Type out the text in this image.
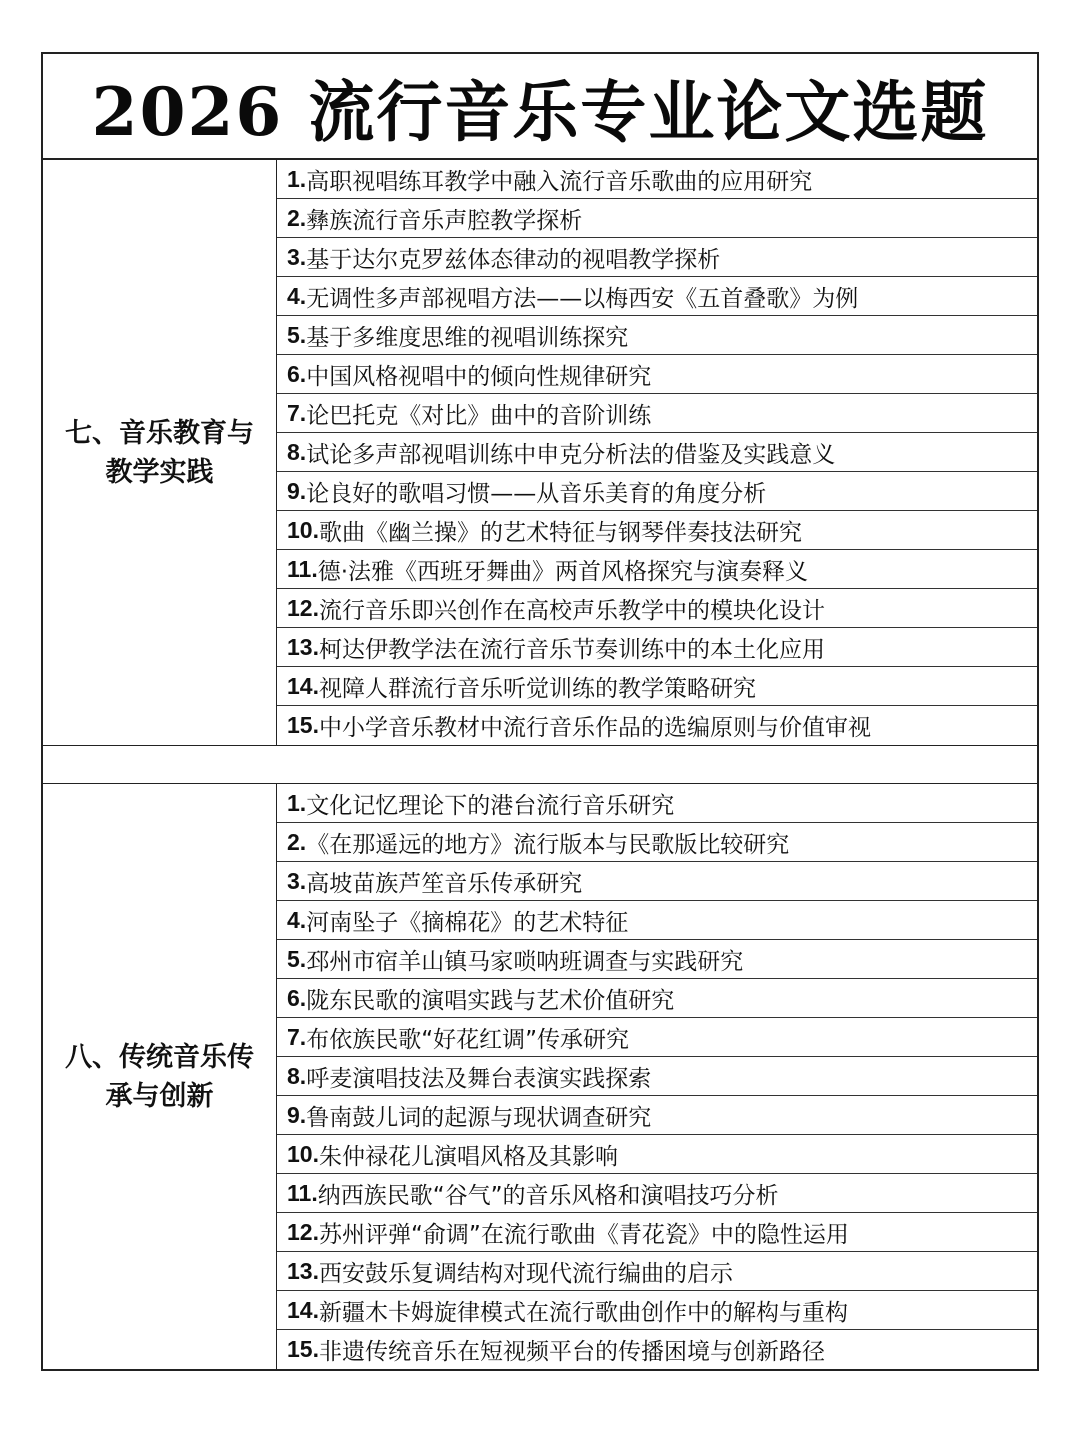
2026 流行音乐专业论文选题
七、音乐教育与
教学实践
1. 高职视唱练耳教学中融入流行音乐歌曲的应用研究
2. 彝族流行音乐声腔教学探析
3. 基于达尔克罗兹体态律动的视唱教学探析
4. 无调性多声部视唱方法——以梅西安《五首叠歌》为例
5. 基于多维度思维的视唱训练探究
6. 中国风格视唱中的倾向性规律研究
7. 论巴托克《对比》曲中的音阶训练
8. 试论多声部视唱训练中申克分析法的借鉴及实践意义
9. 论良好的歌唱习惯——从音乐美育的角度分析
10. 歌曲《幽兰操》的艺术特征与钢琴伴奏技法研究
11. 德·法雅《西班牙舞曲》两首风格探究与演奏释义
12. 流行音乐即兴创作在高校声乐教学中的模块化设计
13. 柯达伊教学法在流行音乐节奏训练中的本土化应用
14. 视障人群流行音乐听觉训练的教学策略研究
15. 中小学音乐教材中流行音乐作品的选编原则与价值审视
八、传统音乐传
承与创新
1. 文化记忆理论下的港台流行音乐研究
2. 《在那遥远的地方》流行版本与民歌版比较研究
3. 高坡苗族芦笙音乐传承研究
4. 河南坠子《摘棉花》的艺术特征
5. 邳州市宿羊山镇马家唢呐班调查与实践研究
6. 陇东民歌的演唱实践与艺术价值研究
7. 布依族民歌“好花红调”传承研究
8. 呼麦演唱技法及舞台表演实践探索
9. 鲁南鼓儿词的起源与现状调查研究
10. 朱仲禄花儿演唱风格及其影响
11. 纳西族民歌“谷气”的音乐风格和演唱技巧分析
12. 苏州评弹“俞调”在流行歌曲《青花瓷》中的隐性运用
13. 西安鼓乐复调结构对现代流行编曲的启示
14. 新疆木卡姆旋律模式在流行歌曲创作中的解构与重构
15. 非遗传统音乐在短视频平台的传播困境与创新路径
